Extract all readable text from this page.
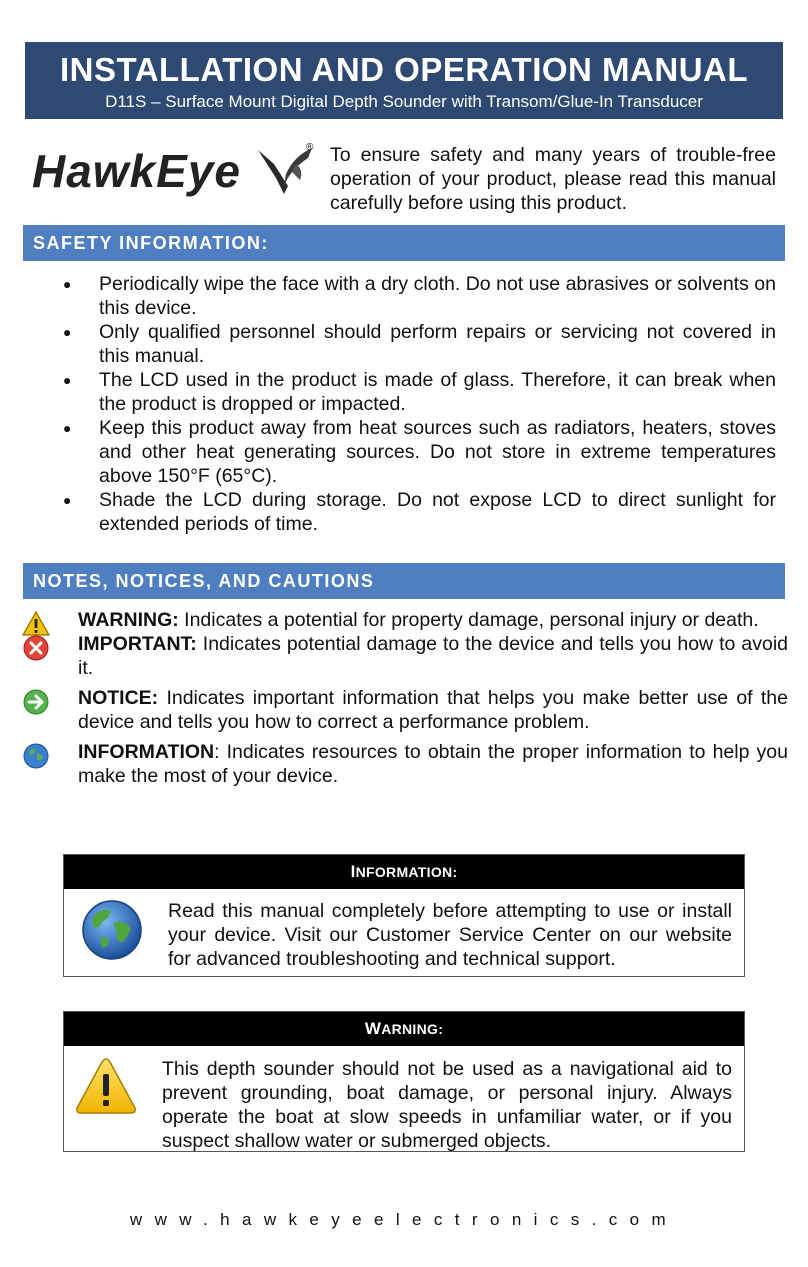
INSTALLATION AND OPERATION MANUAL
D11S – Surface Mount Digital Depth Sounder with Transom/Glue-In Transducer
HawkEye	® To ensure safety and many years of trouble-free operation of your product, please read this manual carefully before using this product.
SAFETY INFORMATION:
● Periodically wipe the face with a dry cloth. Do not use abrasives or solvents on this device.
● Only qualified personnel should perform repairs or servicing not covered in this manual.
● The LCD used in the product is made of glass. Therefore, it can break when the product is dropped or impacted.
● Keep this product away from heat sources such as radiators, heaters, stoves and other heat generating sources. Do not store in extreme temperatures above 150°F (65°C).
● Shade the LCD during storage. Do not expose LCD to direct sunlight for extended periods of time.
NOTES, NOTICES, AND CAUTIONS
WARNING: Indicates a potential for property damage, personal injury or death.
IMPORTANT: Indicates potential damage to the device and tells you how to avoid it.
NOTICE: Indicates important information that helps you make better use of the device and tells you how to correct a performance problem.
INFORMATION: Indicates resources to obtain the proper information to help you make the most of your device.
INFORMATION:
Read this manual completely before attempting to use or install your device. Visit our Customer Service Center on our website for advanced troubleshooting and technical support.
WARNING:
This depth sounder should not be used as a navigational aid to prevent grounding, boat damage, or personal injury. Always operate the boat at slow speeds in unfamiliar water, or if you suspect shallow water or submerged objects.
www.hawkeyeelectronics.com
